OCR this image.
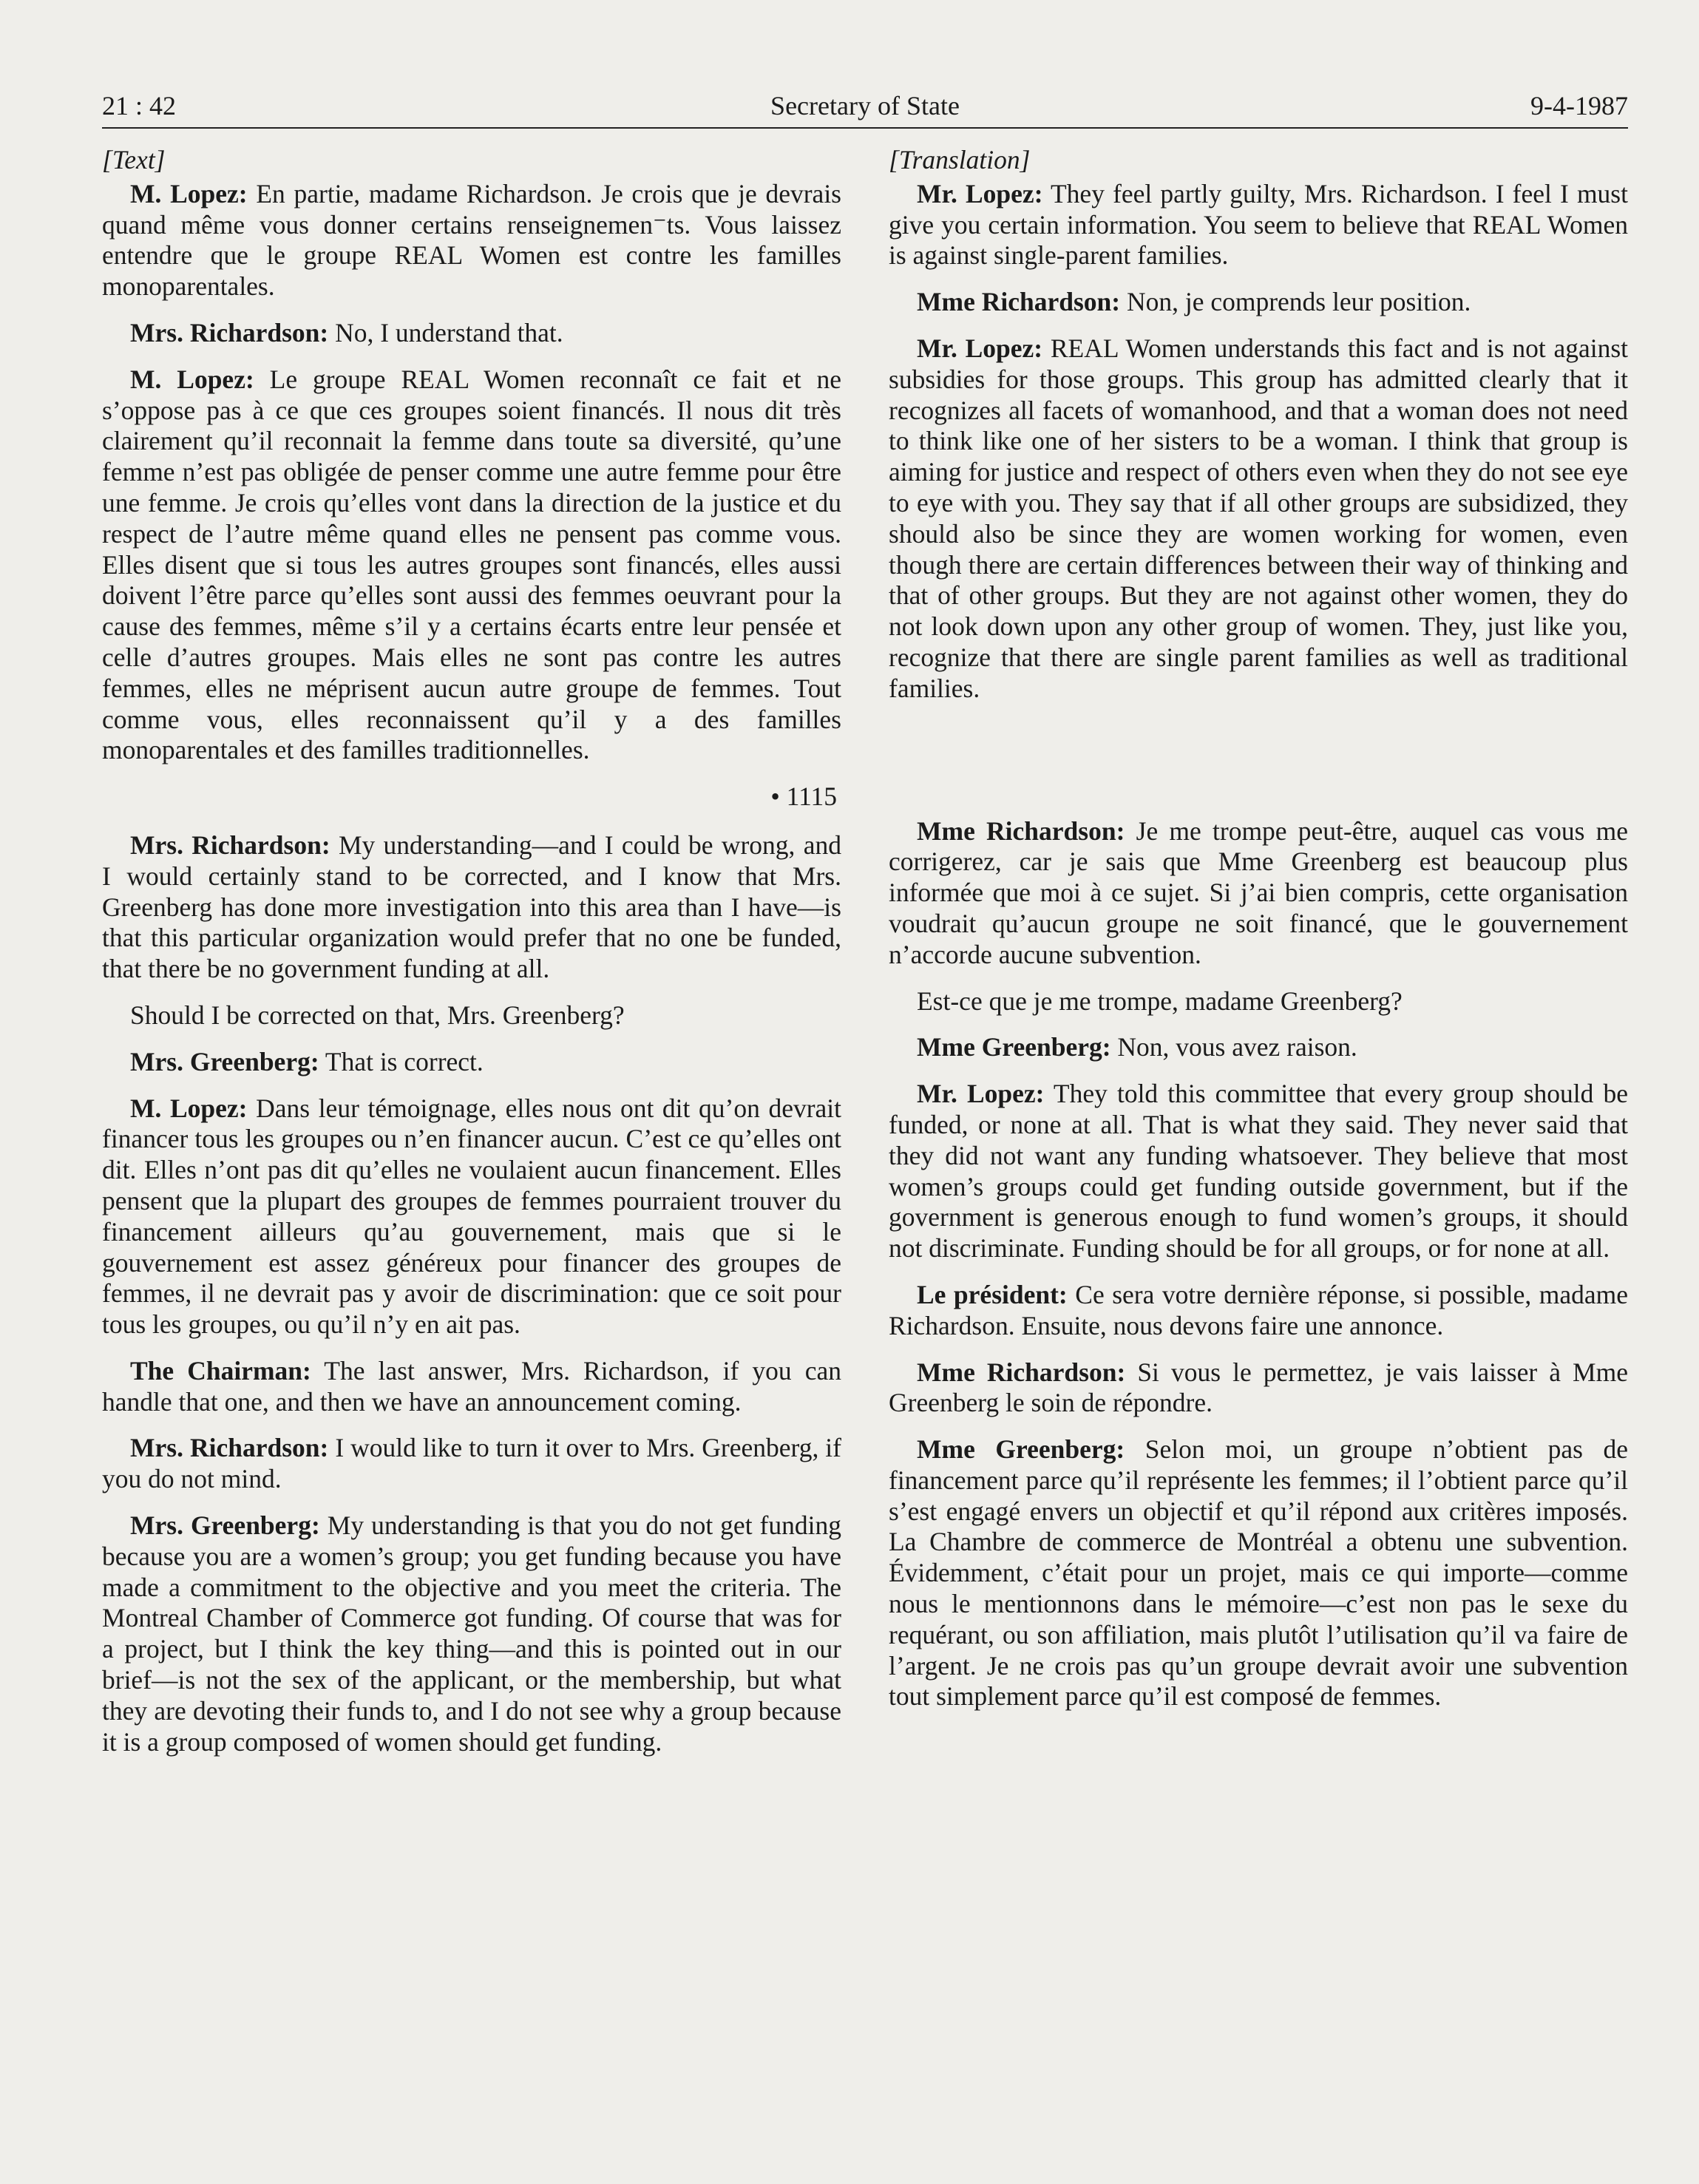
21 : 42	Secretary of State	9-4-1987

[Text]

M. Lopez: En partie, madame Richardson. Je crois que je devrais quand même vous donner certains renseignemen⁻ts. Vous laissez entendre que le groupe REAL Women est contre les familles monoparentales.

Mrs. Richardson: No, I understand that.

M. Lopez: Le groupe REAL Women reconnaît ce fait et ne s’oppose pas à ce que ces groupes soient financés. Il nous dit très clairement qu’il reconnait la femme dans toute sa diversité, qu’une femme n’est pas obligée de penser comme une autre femme pour être une femme. Je crois qu’elles vont dans la direction de la justice et du respect de l’autre même quand elles ne pensent pas comme vous. Elles disent que si tous les autres groupes sont financés, elles aussi doivent l’être parce qu’elles sont aussi des femmes oeuvrant pour la cause des femmes, même s’il y a certains écarts entre leur pensée et celle d’autres groupes. Mais elles ne sont pas contre les autres femmes, elles ne méprisent aucun autre groupe de femmes. Tout comme vous, elles reconnaissent qu’il y a des familles monoparentales et des familles traditionnelles.

• 1115

Mrs. Richardson: My understanding—and I could be wrong, and I would certainly stand to be corrected, and I know that Mrs. Greenberg has done more investigation into this area than I have—is that this particular organization would prefer that no one be funded, that there be no government funding at all.

Should I be corrected on that, Mrs. Greenberg?

Mrs. Greenberg: That is correct.

M. Lopez: Dans leur témoignage, elles nous ont dit qu’on devrait financer tous les groupes ou n’en financer aucun. C’est ce qu’elles ont dit. Elles n’ont pas dit qu’elles ne voulaient aucun financement. Elles pensent que la plupart des groupes de femmes pourraient trouver du financement ailleurs qu’au gouvernement, mais que si le gouvernement est assez généreux pour financer des groupes de femmes, il ne devrait pas y avoir de discrimination: que ce soit pour tous les groupes, ou qu’il n’y en ait pas.

The Chairman: The last answer, Mrs. Richardson, if you can handle that one, and then we have an announcement coming.

Mrs. Richardson: I would like to turn it over to Mrs. Greenberg, if you do not mind.

Mrs. Greenberg: My understanding is that you do not get funding because you are a women’s group; you get funding because you have made a commitment to the objective and you meet the criteria. The Montreal Chamber of Commerce got funding. Of course that was for a project, but I think the key thing—and this is pointed out in our brief—is not the sex of the applicant, or the membership, but what they are devoting their funds to, and I do not see why a group because it is a group composed of women should get funding.

[Translation]

Mr. Lopez: They feel partly guilty, Mrs. Richardson. I feel I must give you certain information. You seem to believe that REAL Women is against single-parent families.

Mme Richardson: Non, je comprends leur position.

Mr. Lopez: REAL Women understands this fact and is not against subsidies for those groups. This group has admitted clearly that it recognizes all facets of womanhood, and that a woman does not need to think like one of her sisters to be a woman. I think that group is aiming for justice and respect of others even when they do not see eye to eye with you. They say that if all other groups are subsidized, they should also be since they are women working for women, even though there are certain differences between their way of thinking and that of other groups. But they are not against other women, they do not look down upon any other group of women. They, just like you, recognize that there are single parent families as well as traditional families.

Mme Richardson: Je me trompe peut-être, auquel cas vous me corrigerez, car je sais que Mme Greenberg est beaucoup plus informée que moi à ce sujet. Si j’ai bien compris, cette organisation voudrait qu’aucun groupe ne soit financé, que le gouvernement n’accorde aucune subvention.

Est-ce que je me trompe, madame Greenberg?

Mme Greenberg: Non, vous avez raison.

Mr. Lopez: They told this committee that every group should be funded, or none at all. That is what they said. They never said that they did not want any funding whatsoever. They believe that most women’s groups could get funding outside government, but if the government is generous enough to fund women’s groups, it should not discriminate. Funding should be for all groups, or for none at all.

Le président: Ce sera votre dernière réponse, si possible, madame Richardson. Ensuite, nous devons faire une annonce.

Mme Richardson: Si vous le permettez, je vais laisser à Mme Greenberg le soin de répondre.

Mme Greenberg: Selon moi, un groupe n’obtient pas de financement parce qu’il représente les femmes; il l’obtient parce qu’il s’est engagé envers un objectif et qu’il répond aux critères imposés. La Chambre de commerce de Montréal a obtenu une subvention. Évidemment, c’était pour un projet, mais ce qui importe—comme nous le mentionnons dans le mémoire—c’est non pas le sexe du requérant, ou son affiliation, mais plutôt l’utilisation qu’il va faire de l’argent. Je ne crois pas qu’un groupe devrait avoir une subvention tout simplement parce qu’il est composé de femmes.
